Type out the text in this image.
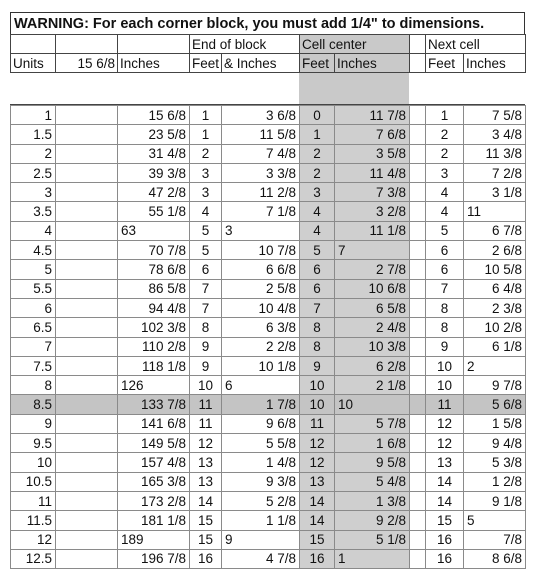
WARNING: For each corner block, you must add 1/4" to dimensions.
			End of block		Cell center			Next cell	
Units	15 6/8	Inches	Feet	& Inches	Feet	Inches		Feet	Inches
1		15 6/8	1	3 6/8	0	11 7/8		1	7 5/8
1.5		23 5/8	1	11 5/8	1	7 6/8		2	3 4/8
2		31 4/8	2	7 4/8	2	3 5/8		2	11 3/8
2.5		39 3/8	3	3 3/8	2	11 4/8		3	7 2/8
3		47 2/8	3	11 2/8	3	7 3/8		4	3 1/8
3.5		55 1/8	4	7 1/8	4	3 2/8		4	11
4		63	5	3	4	11 1/8		5	6 7/8
4.5		70 7/8	5	10 7/8	5	7		6	2 6/8
5		78 6/8	6	6 6/8	6	2 7/8		6	10 5/8
5.5		86 5/8	7	2 5/8	6	10 6/8		7	6 4/8
6		94 4/8	7	10 4/8	7	6 5/8		8	2 3/8
6.5		102 3/8	8	6 3/8	8	2 4/8		8	10 2/8
7		110 2/8	9	2 2/8	8	10 3/8		9	6 1/8
7.5		118 1/8	9	10 1/8	9	6 2/8		10	2
8		126	10	6	10	2 1/8		10	9 7/8
8.5		133 7/8	11	1 7/8	10	10		11	5 6/8
9		141 6/8	11	9 6/8	11	5 7/8		12	1 5/8
9.5		149 5/8	12	5 5/8	12	1 6/8		12	9 4/8
10		157 4/8	13	1 4/8	12	9 5/8		13	5 3/8
10.5		165 3/8	13	9 3/8	13	5 4/8		14	1 2/8
11		173 2/8	14	5 2/8	14	1 3/8		14	9 1/8
11.5		181 1/8	15	1 1/8	14	9 2/8		15	5
12		189	15	9	15	5 1/8		16	7/8
12.5		196 7/8	16	4 7/8	16	1		16	8 6/8
